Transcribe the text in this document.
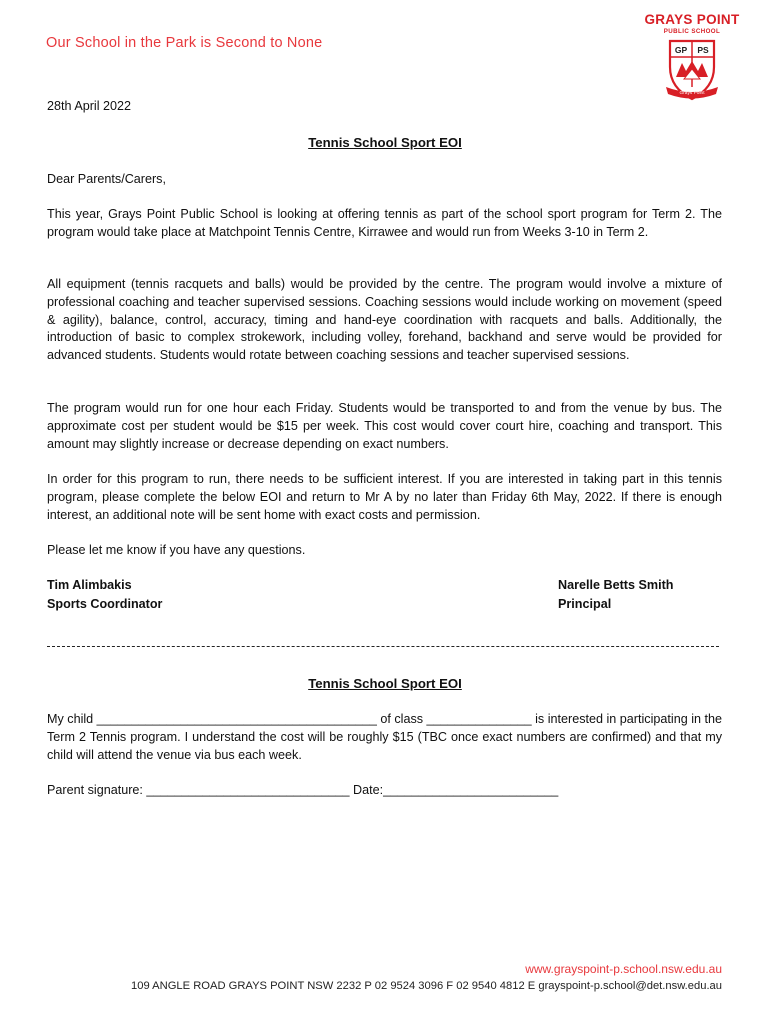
Our School in the Park is Second to None
GRAYS POINT
PUBLIC SCHOOL
GP PS
Grays Point
28th April 2022
Tennis School Sport EOI
Dear Parents/Carers,
This year, Grays Point Public School is looking at offering tennis as part of the school sport program for Term 2. The program would take place at Matchpoint Tennis Centre, Kirrawee and would run from Weeks 3-10 in Term 2.
All equipment (tennis racquets and balls) would be provided by the centre. The program would involve a mixture of professional coaching and teacher supervised sessions. Coaching sessions would include working on movement (speed & agility), balance, control, accuracy, timing and hand-eye coordination with racquets and balls. Additionally, the introduction of basic to complex strokework, including volley, forehand, backhand and serve would be provided for advanced students. Students would rotate between coaching sessions and teacher supervised sessions.
The program would run for one hour each Friday. Students would be transported to and from the venue by bus. The approximate cost per student would be $15 per week. This cost would cover court hire, coaching and transport. This amount may slightly increase or decrease depending on exact numbers.
In order for this program to run, there needs to be sufficient interest. If you are interested in taking part in this tennis program, please complete the below EOI and return to Mr A by no later than Friday 6th May, 2022. If there is enough interest, an additional note will be sent home with exact costs and permission.
Please let me know if you have any questions.
Tim Alimbakis
Sports Coordinator
Narelle Betts Smith
Principal
Tennis School Sport EOI
My child ________________________________________ of class _______________ is interested in participating in the Term 2 Tennis program. I understand the cost will be roughly $15 (TBC once exact numbers are confirmed) and that my child will attend the venue via bus each week.
Parent signature: _____________________________ Date:_________________________
www.grayspoint-p.school.nsw.edu.au
109 ANGLE ROAD GRAYS POINT NSW 2232 P 02 9524 3096 F 02 9540 4812 E grayspoint-p.school@det.nsw.edu.au
